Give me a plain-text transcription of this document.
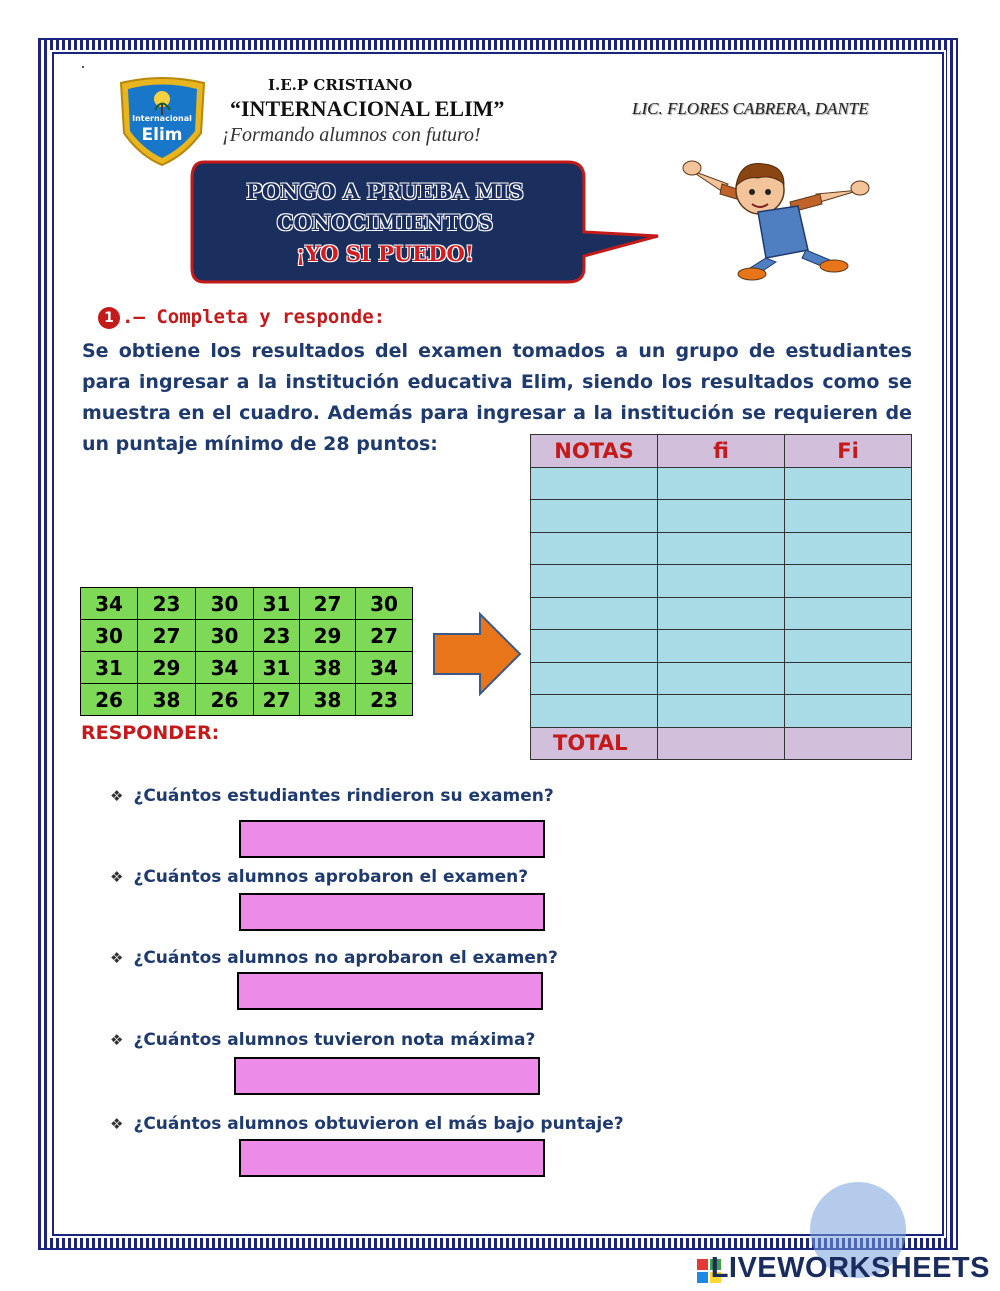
Internacional
Elim
I.E.P CRISTIANO
“INTERNACIONAL ELIM”
¡Formando alumnos con futuro!
LIC. FLORES CABRERA, DANTE
PONGO A PRUEBA MIS
CONOCIMIENTOS
¡YO SI PUEDO!
1 .– Completa y responde:
Se obtiene los resultados del examen tomados a un grupo de estudiantes para ingresar a la institución educativa Elim, siendo los resultados como se muestra en el cuadro. Además para ingresar a la institución se requieren de un puntaje mínimo de 28 puntos:
34	23	30	31	27	30
30	27	30	23	29	27
31	29	34	31	38	34
26	38	26	27	38	23
NOTAS	fi	Fi

TOTAL		
RESPONDER:
❖ ¿Cuántos estudiantes rindieron su examen?
❖ ¿Cuántos alumnos aprobaron el examen?
❖ ¿Cuántos alumnos no aprobaron el examen?
❖ ¿Cuántos alumnos tuvieron nota máxima?
❖ ¿Cuántos alumnos obtuvieron el más bajo puntaje?
LIVEWORKSHEETS
